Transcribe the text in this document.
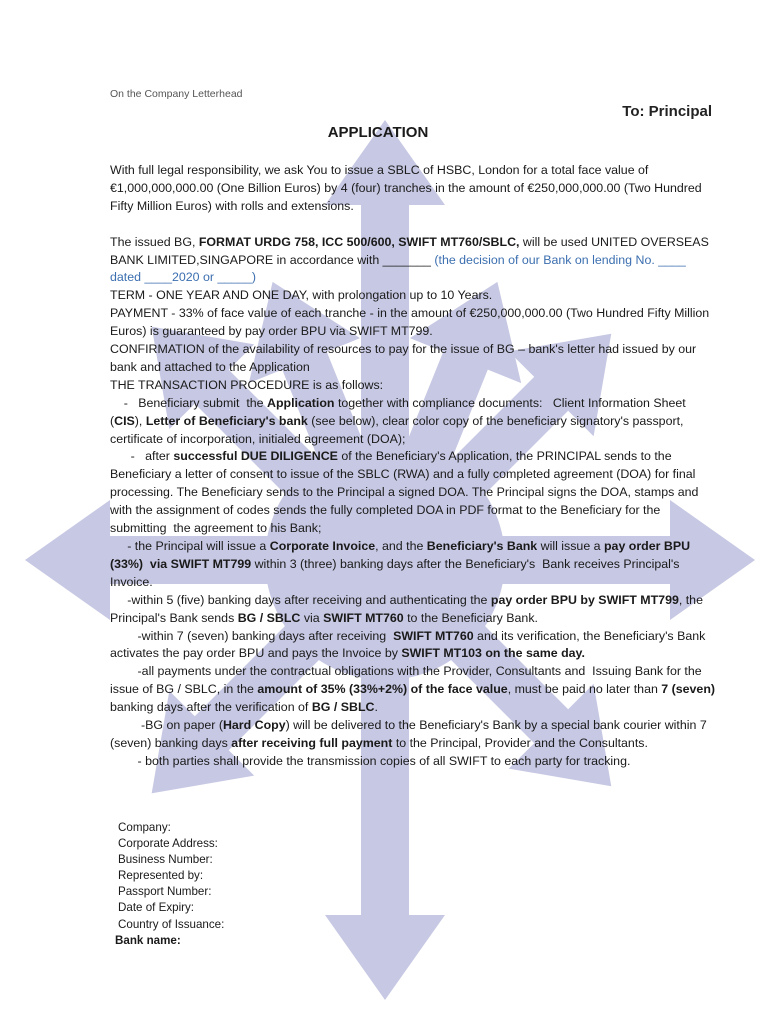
On the Company Letterhead
To: Principal
APPLICATION

With full legal responsibility, we ask You to issue a SBLC of HSBC, London for a total face value of €1,000,000,000.00 (One Billion Euros) by 4 (four) tranches in the amount of €250,000,000.00 (Two Hundred Fifty Million Euros) with rolls and extensions.

The issued BG, FORMAT URDG 758, ICC 500/600, SWIFT MT760/SBLC, will be used UNITED OVERSEAS BANK LIMITED,SINGAPORE in accordance with _______ (the decision of our Bank on lending No. ____ dated ____2020 or _____)

TERM - ONE YEAR AND ONE DAY, with prolongation up to 10 Years.

PAYMENT - 33% of face value of each tranche - in the amount of €250,000,000.00 (Two Hundred Fifty Million Euros) is guaranteed by pay order BPU via SWIFT MT799.

CONFIRMATION of the availability of resources to pay for the issue of BG – bank's letter had issued by our bank and attached to the Application

THE TRANSACTION PROCEDURE is as follows:

-   Beneficiary submit  the Application together with compliance documents:   Client Information Sheet (CIS), Letter of Beneficiary's bank (see below), clear color copy of the beneficiary signatory's passport, certificate of incorporation, initialed agreement (DOA);

-   after successful DUE DILIGENCE of the Beneficiary's Application, the PRINCIPAL sends to the Beneficiary a letter of consent to issue of the SBLC (RWA) and a fully completed agreement (DOA) for final processing. The Beneficiary sends to the Principal a signed DOA. The Principal signs the DOA, stamps and with the assignment of codes sends the fully completed DOA in PDF format to the Beneficiary for the submitting  the agreement to his Bank;

- the Principal will issue a Corporate Invoice, and the Beneficiary's Bank will issue a pay order BPU (33%)  via SWIFT MT799 within 3 (three) banking days after the Beneficiary's  Bank receives Principal's Invoice.

-within 5 (five) banking days after receiving and authenticating the pay order BPU by SWIFT MT799, the Principal's Bank sends BG / SBLC via SWIFT MT760 to the Beneficiary Bank.

-within 7 (seven) banking days after receiving  SWIFT MT760 and its verification, the Beneficiary's Bank activates the pay order BPU and pays the Invoice by SWIFT MT103 on the same day.

-all payments under the contractual obligations with the Provider, Consultants and  Issuing Bank for the issue of BG / SBLC, in the amount of 35% (33%+2%) of the face value, must be paid no later than 7 (seven) banking days after the verification of BG / SBLC.

-BG on paper (Hard Copy) will be delivered to the Beneficiary's Bank by a special bank courier within 7 (seven) banking days after receiving full payment to the Principal, Provider and the Consultants.

- both parties shall provide the transmission copies of all SWIFT to each party for tracking.

Company:
Corporate Address:
Business Number:
Represented by:
Passport Number:
Date of Expiry:
Country of Issuance:
Bank name:
